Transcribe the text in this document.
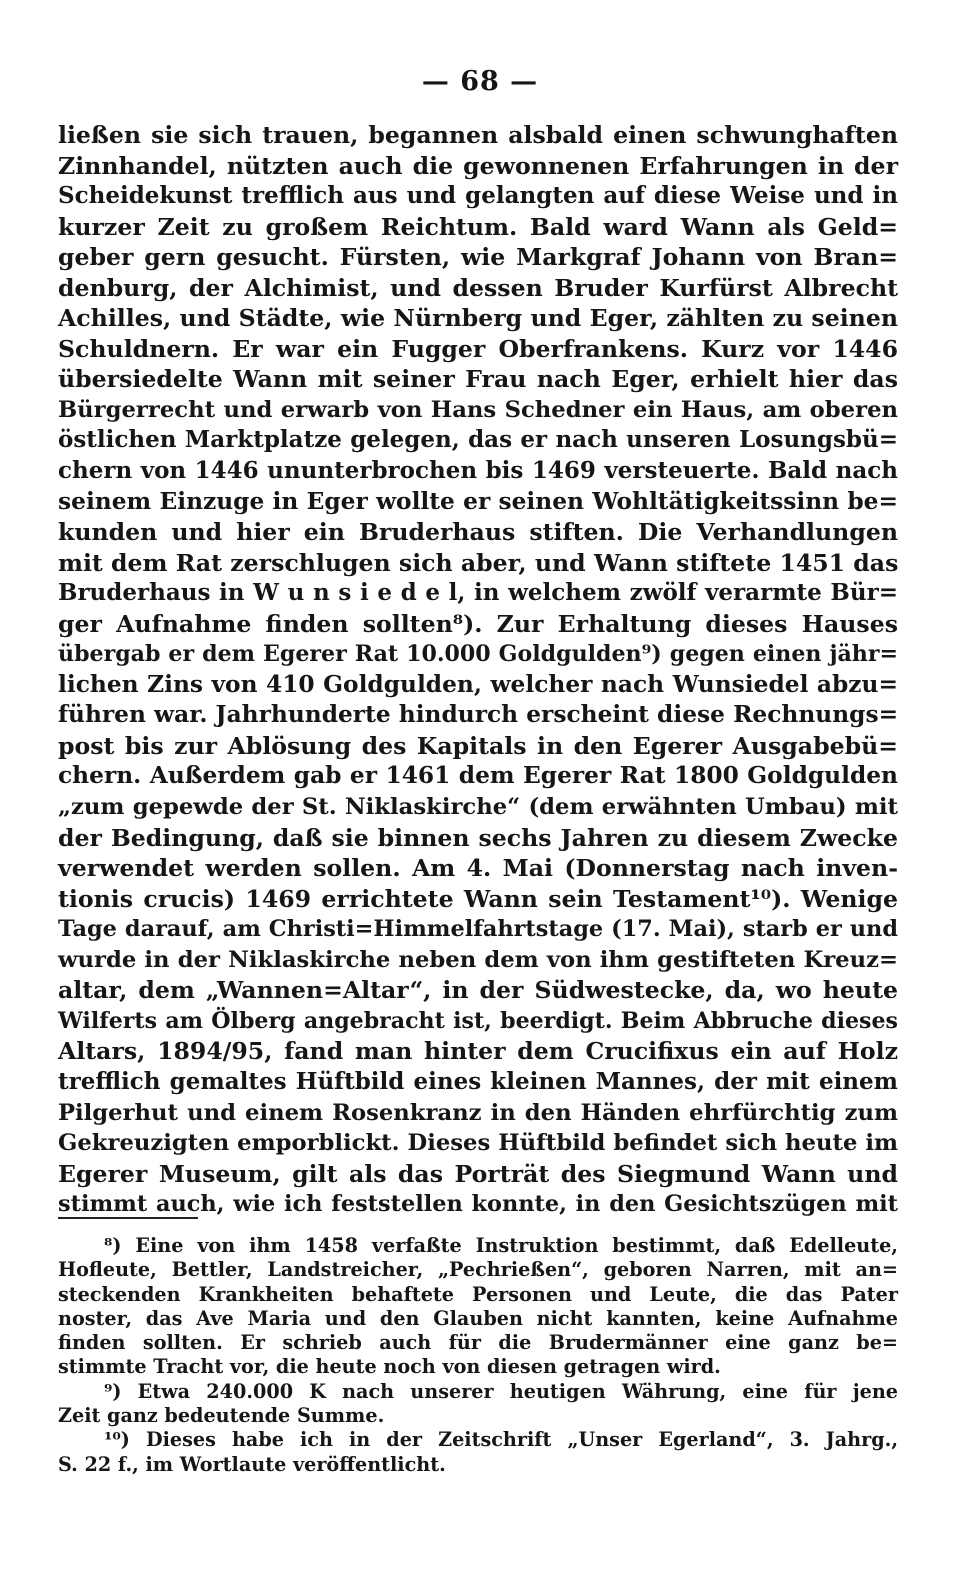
— 68 —
ließen sie sich trauen, begannen alsbald einen schwunghaften
Zinnhandel, nützten auch die gewonnenen Erfahrungen in der
Scheidekunst trefflich aus und gelangten auf diese Weise und in
kurzer Zeit zu großem Reichtum. Bald ward Wann als Geld=
geber gern gesucht. Fürsten, wie Markgraf Johann von Bran=
denburg, der Alchimist, und dessen Bruder Kurfürst Albrecht
Achilles, und Städte, wie Nürnberg und Eger, zählten zu seinen
Schuldnern. Er war ein Fugger Oberfrankens. Kurz vor 1446
übersiedelte Wann mit seiner Frau nach Eger, erhielt hier das
Bürgerrecht und erwarb von Hans Schedner ein Haus, am oberen
östlichen Marktplatze gelegen, das er nach unseren Losungsbü=
chern von 1446 ununterbrochen bis 1469 versteuerte. Bald nach
seinem Einzuge in Eger wollte er seinen Wohltätigkeitssinn be=
kunden und hier ein Bruderhaus stiften. Die Verhandlungen
mit dem Rat zerschlugen sich aber, und Wann stiftete 1451 das
Bruderhaus in W u n s i e d e l, in welchem zwölf verarmte Bür=
ger Aufnahme finden sollten⁸). Zur Erhaltung dieses Hauses
übergab er dem Egerer Rat 10.000 Goldgulden⁹) gegen einen jähr=
lichen Zins von 410 Goldgulden, welcher nach Wunsiedel abzu=
führen war. Jahrhunderte hindurch erscheint diese Rechnungs=
post bis zur Ablösung des Kapitals in den Egerer Ausgabebü=
chern. Außerdem gab er 1461 dem Egerer Rat 1800 Goldgulden
„zum gepewde der St. Niklaskirche“ (dem erwähnten Umbau) mit
der Bedingung, daß sie binnen sechs Jahren zu diesem Zwecke
verwendet werden sollen. Am 4. Mai (Donnerstag nach inven-
tionis crucis) 1469 errichtete Wann sein Testament¹⁰). Wenige
Tage darauf, am Christi=Himmelfahrtstage (17. Mai), starb er und
wurde in der Niklaskirche neben dem von ihm gestifteten Kreuz=
altar, dem „Wannen=Altar“, in der Südwestecke, da, wo heute
Wilferts am Ölberg angebracht ist, beerdigt. Beim Abbruche dieses
Altars, 1894/95, fand man hinter dem Crucifixus ein auf Holz
trefflich gemaltes Hüftbild eines kleinen Mannes, der mit einem
Pilgerhut und einem Rosenkranz in den Händen ehrfürchtig zum
Gekreuzigten emporblickt. Dieses Hüftbild befindet sich heute im
Egerer Museum, gilt als das Porträt des Siegmund Wann und
stimmt auch, wie ich feststellen konnte, in den Gesichtszügen mit
⁸) Eine von ihm 1458 verfaßte Instruktion bestimmt, daß Edelleute,
Hofleute, Bettler, Landstreicher, „Pechrießen“, geboren Narren, mit an=
steckenden Krankheiten behaftete Personen und Leute, die das Pater
noster, das Ave Maria und den Glauben nicht kannten, keine Aufnahme
finden sollten. Er schrieb auch für die Brudermänner eine ganz be=
stimmte Tracht vor, die heute noch von diesen getragen wird.
⁹) Etwa 240.000 K nach unserer heutigen Währung, eine für jene
Zeit ganz bedeutende Summe.
¹⁰) Dieses habe ich in der Zeitschrift „Unser Egerland“, 3. Jahrg.,
S. 22 f., im Wortlaute veröffentlicht.
